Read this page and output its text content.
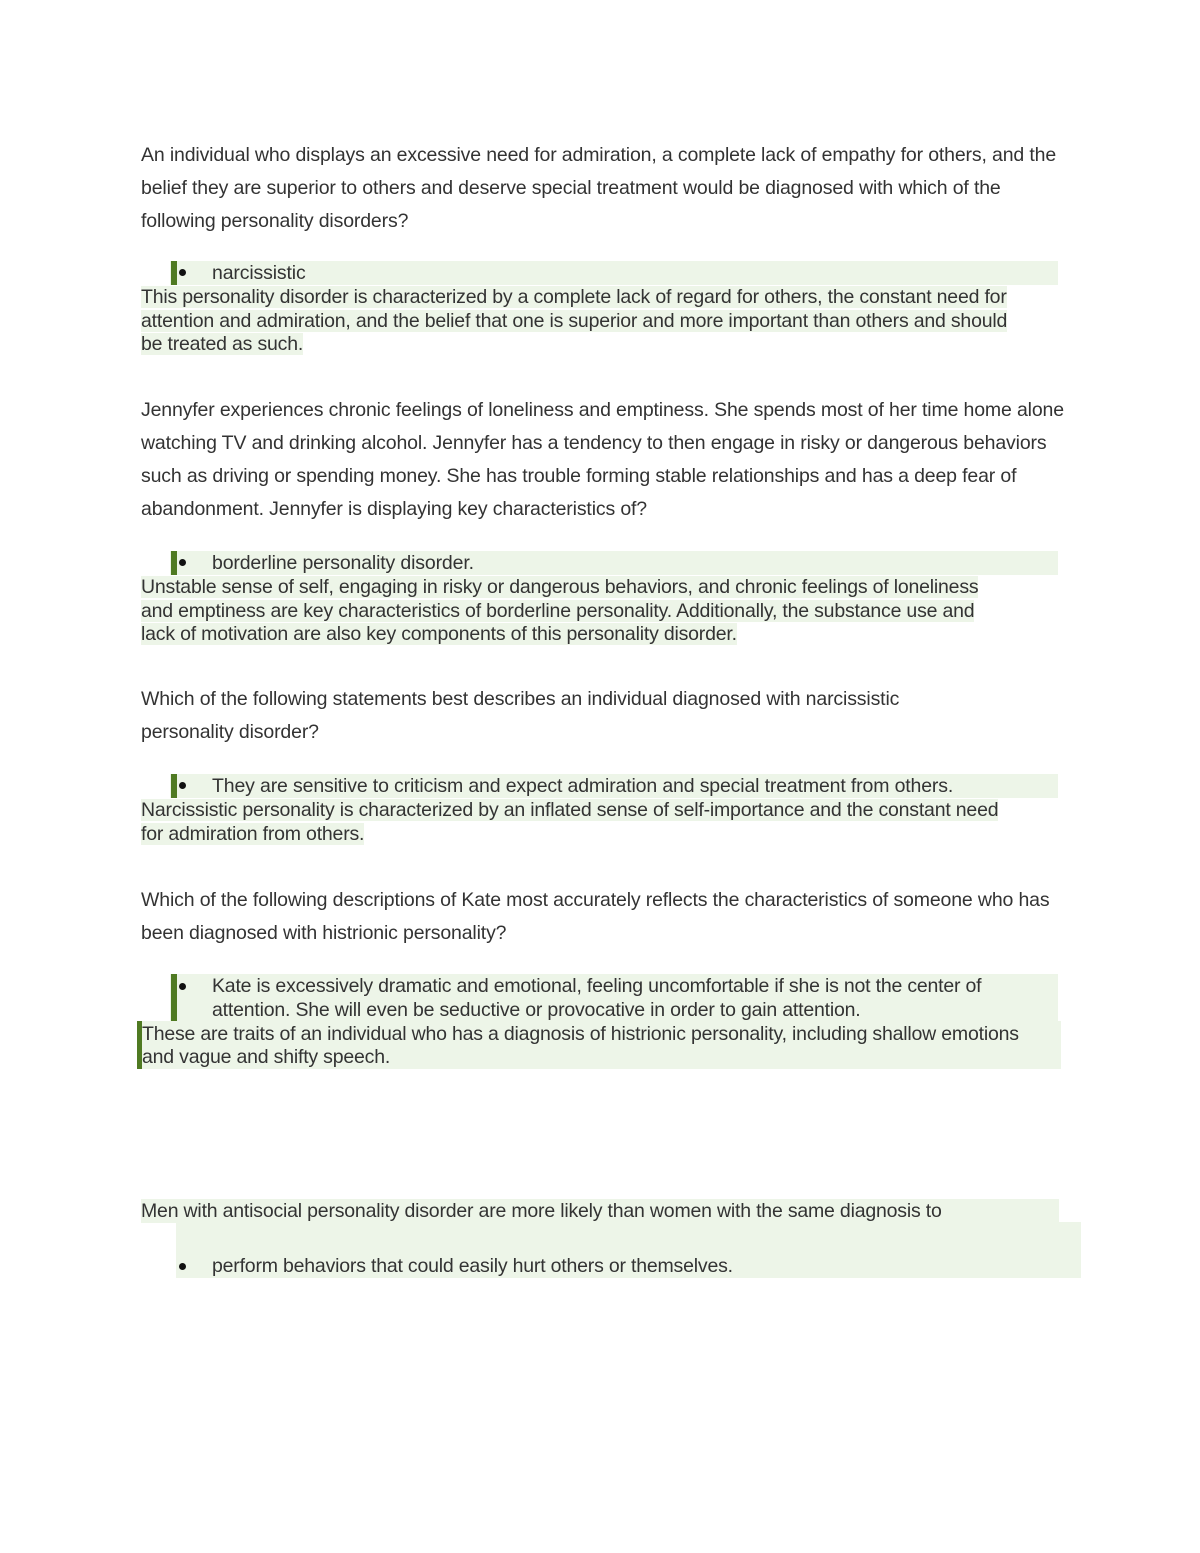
An individual who displays an excessive need for admiration, a complete lack of empathy for others, and the belief they are superior to others and deserve special treatment would be diagnosed with which of the following personality disorders?
narcissistic
This personality disorder is characterized by a complete lack of regard for others, the constant need for
attention and admiration, and the belief that one is superior and more important than others and should
be treated as such.
Jennyfer experiences chronic feelings of loneliness and emptiness. She spends most of her time home alone watching TV and drinking alcohol. Jennyfer has a tendency to then engage in risky or dangerous behaviors such as driving or spending money. She has trouble forming stable relationships and has a deep fear of abandonment. Jennyfer is displaying key characteristics of?
borderline personality disorder.
Unstable sense of self, engaging in risky or dangerous behaviors, and chronic feelings of loneliness
and emptiness are key characteristics of borderline personality. Additionally, the substance use and
lack of motivation are also key components of this personality disorder.
Which of the following statements best describes an individual diagnosed with narcissistic personality disorder?
They are sensitive to criticism and expect admiration and special treatment from others.
Narcissistic personality is characterized by an inflated sense of self-importance and the constant need
for admiration from others.
Which of the following descriptions of Kate most accurately reflects the characteristics of someone who has been diagnosed with histrionic personality?
Kate is excessively dramatic and emotional, feeling uncomfortable if she is not the center of attention. She will even be seductive or provocative in order to gain attention.
These are traits of an individual who has a diagnosis of histrionic personality, including shallow emotions and vague and shifty speech.
Men with antisocial personality disorder are more likely than women with the same diagnosis to
perform behaviors that could easily hurt others or themselves.
